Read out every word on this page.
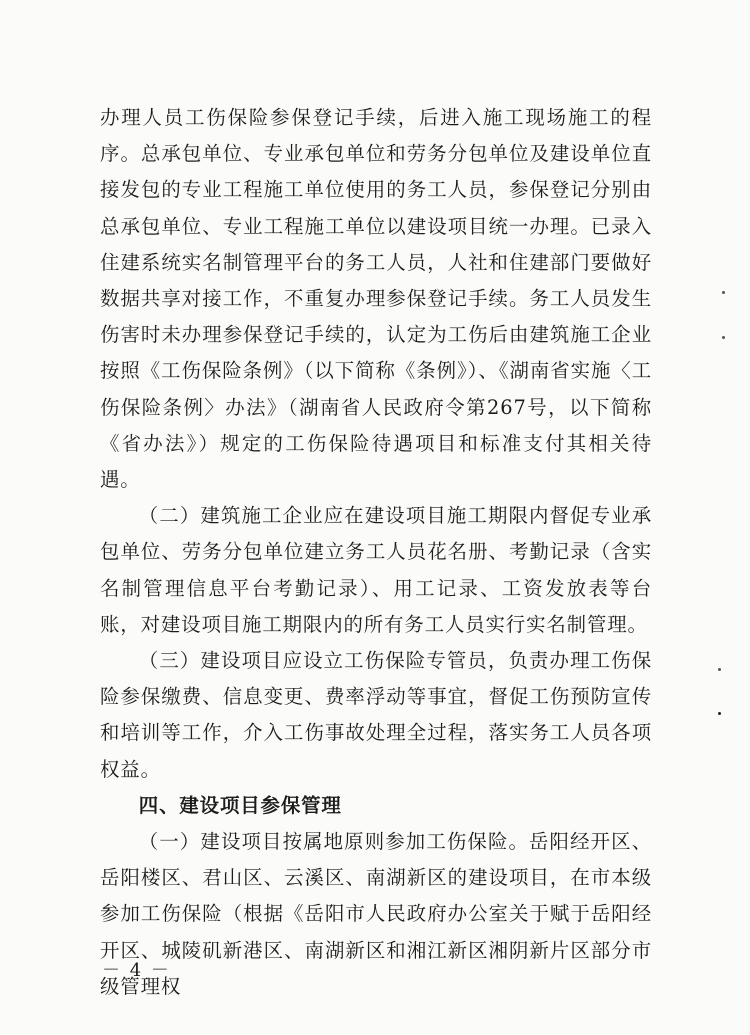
办理人员工伤保险参保登记手续，后进入施工现场施工的程序。总承包单位、专业承包单位和劳务分包单位及建设单位直接发包的专业工程施工单位使用的务工人员，参保登记分别由总承包单位、专业工程施工单位以建设项目统一办理。已录入住建系统实名制管理平台的务工人员，人社和住建部门要做好数据共享对接工作，不重复办理参保登记手续。务工人员发生伤害时未办理参保登记手续的，认定为工伤后由建筑施工企业按照《工伤保险条例》（以下简称《条例》）、《湖南省实施〈工伤保险条例〉办法》（湖南省人民政府令第267号，以下简称《省办法》）规定的工伤保险待遇项目和标准支付其相关待遇。

（二）建筑施工企业应在建设项目施工期限内督促专业承包单位、劳务分包单位建立务工人员花名册、考勤记录（含实名制管理信息平台考勤记录）、用工记录、工资发放表等台账，对建设项目施工期限内的所有务工人员实行实名制管理。

（三）建设项目应设立工伤保险专管员，负责办理工伤保险参保缴费、信息变更、费率浮动等事宜，督促工伤预防宣传和培训等工作，介入工伤事故处理全过程，落实务工人员各项权益。

四、建设项目参保管理

（一）建设项目按属地原则参加工伤保险。岳阳经开区、岳阳楼区、君山区、云溪区、南湖新区的建设项目，在市本级参加工伤保险（根据《岳阳市人民政府办公室关于赋于岳阳经开区、城陵矶新港区、南湖新区和湘江新区湘阴新片区部分市级管理权

－ 4 －
